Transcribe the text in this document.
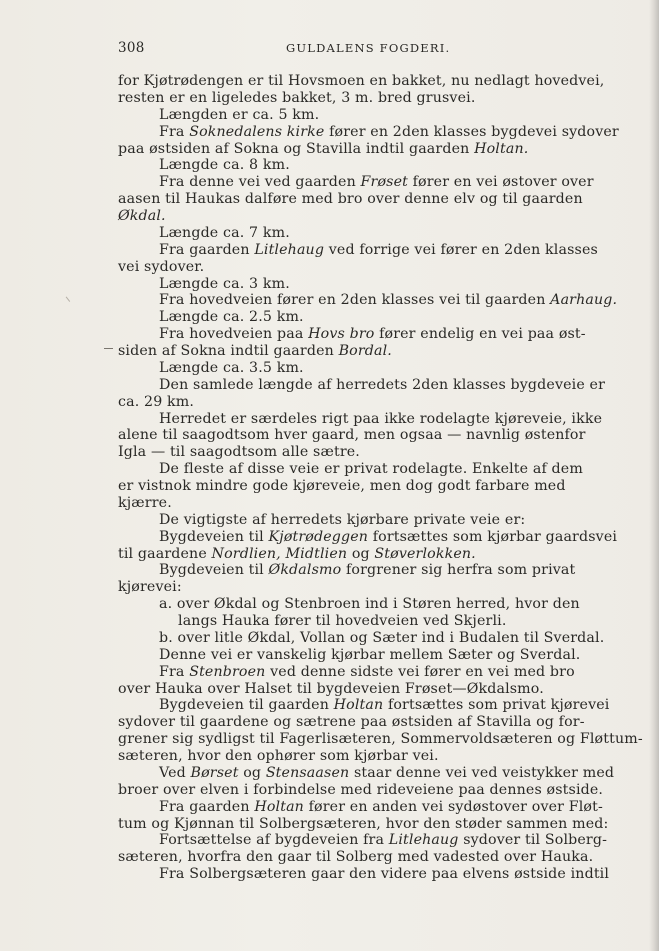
308	GULDALENS FOGDERI.
for Kjøtrødengen er til Hovsmoen en bakket, nu nedlagt hovedvei,
resten er en ligeledes bakket, 3 m. bred grusvei.
Længden er ca. 5 km.
Fra Soknedalens kirke fører en 2den klasses bygdevei sydover
paa østsiden af Sokna og Stavilla indtil gaarden Holtan.
Længde ca. 8 km.
Fra denne vei ved gaarden Frøset fører en vei østover over
aasen til Haukas dalføre med bro over denne elv og til gaarden
Økdal.
Længde ca. 7 km.
Fra gaarden Litlehaug ved forrige vei fører en 2den klasses
vei sydover.
Længde ca. 3 km.
Fra hovedveien fører en 2den klasses vei til gaarden Aarhaug.
Længde ca. 2.5 km.
Fra hovedveien paa Hovs bro fører endelig en vei paa øst-
siden af Sokna indtil gaarden Bordal.
Længde ca. 3.5 km.
Den samlede længde af herredets 2den klasses bygdeveie er
ca. 29 km.
Herredet er særdeles rigt paa ikke rodelagte kjøreveie, ikke
alene til saagodtsom hver gaard, men ogsaa — navnlig østenfor
Igla — til saagodtsom alle sætre.
De fleste af disse veie er privat rodelagte. Enkelte af dem
er vistnok mindre gode kjøreveie, men dog godt farbare med
kjærre.
De vigtigste af herredets kjørbare private veie er:
Bygdeveien til Kjøtrødeggen fortsættes som kjørbar gaardsvei
til gaardene Nordlien, Midtlien og Støverlokken.
Bygdeveien til Økdalsmo forgrener sig herfra som privat
kjørevei:
a. over Økdal og Stenbroen ind i Støren herred, hvor den
langs Hauka fører til hovedveien ved Skjerli.
b. over litle Økdal, Vollan og Sæter ind i Budalen til Sverdal.
Denne vei er vanskelig kjørbar mellem Sæter og Sverdal.
Fra Stenbroen ved denne sidste vei fører en vei med bro
over Hauka over Halset til bygdeveien Frøset—Økdalsmo.
Bygdeveien til gaarden Holtan fortsættes som privat kjørevei
sydover til gaardene og sætrene paa østsiden af Stavilla og for-
grener sig sydligst til Fagerlisæteren, Sommervoldsæteren og Fløttum-
sæteren, hvor den ophører som kjørbar vei.
Ved Børset og Stensaasen staar denne vei ved veistykker med
broer over elven i forbindelse med rideveiene paa dennes østside.
Fra gaarden Holtan fører en anden vei sydøstover over Fløt-
tum og Kjønnan til Solbergsæteren, hvor den støder sammen med:
Fortsættelse af bygdeveien fra Litlehaug sydover til Solberg-
sæteren, hvorfra den gaar til Solberg med vadested over Hauka.
Fra Solbergsæteren gaar den videre paa elvens østside indtil
